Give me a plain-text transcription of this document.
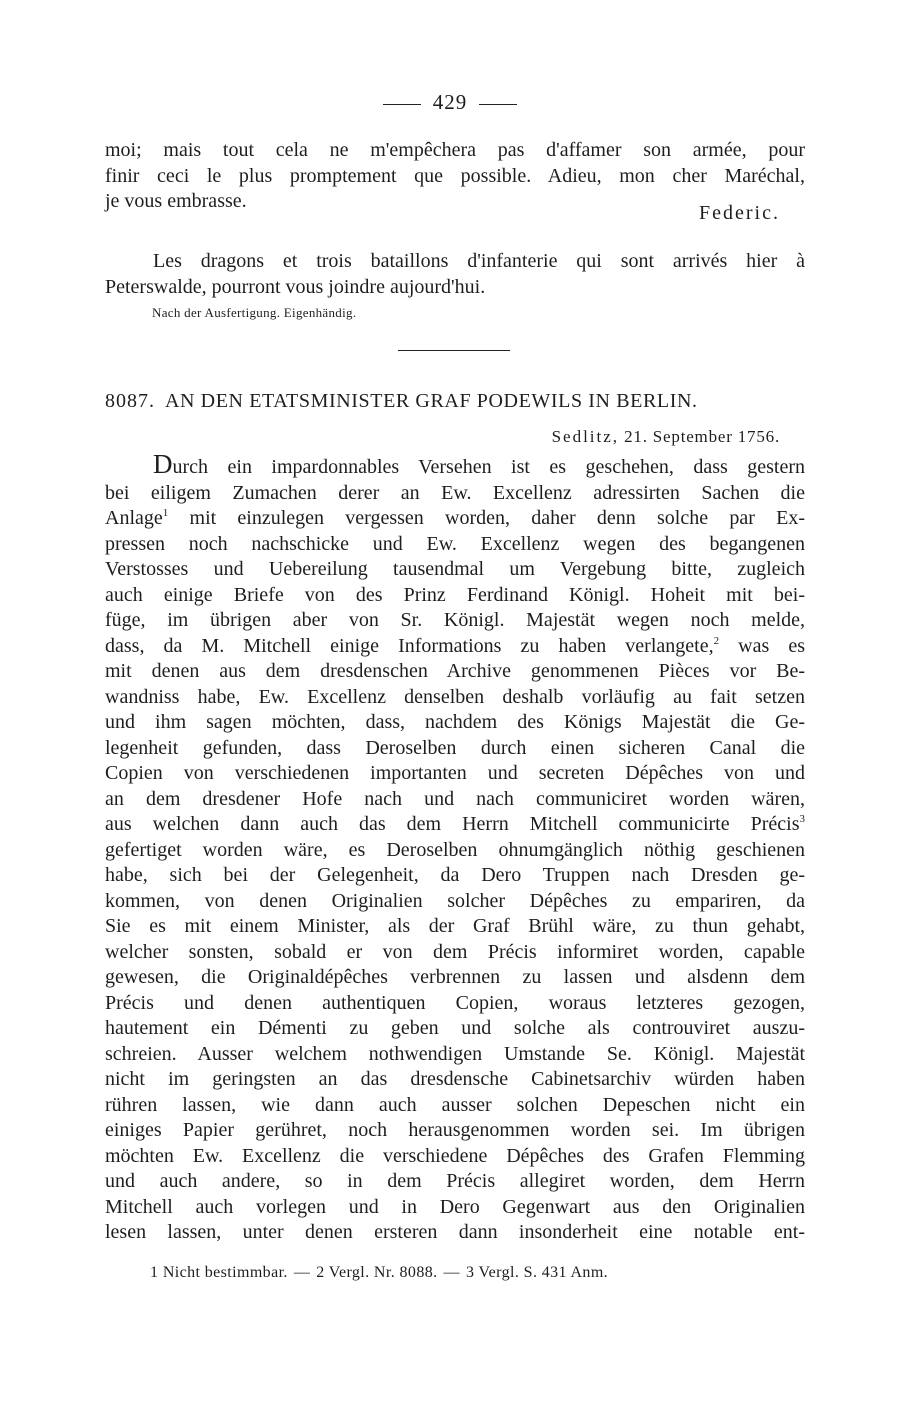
429
moi; mais tout cela ne m'empêchera pas d'affamer son armée, pour
finir ceci le plus promptement que possible. Adieu, mon cher Maréchal,
je vous embrasse.
Federic.
Les dragons et trois bataillons d'infanterie qui sont arrivés hier à
Peterswalde, pourront vous joindre aujourd'hui.
Nach der Ausfertigung. Eigenhändig.
8087. AN DEN ETATSMINISTER GRAF PODEWILS IN BERLIN.
Sedlitz, 21. September 1756.
Durch ein impardonnables Versehen ist es geschehen, dass gestern
bei eiligem Zumachen derer an Ew. Excellenz adressirten Sachen die
Anlage$^1$ mit einzulegen vergessen worden, daher denn solche par Ex-
pressen noch nachschicke und Ew. Excellenz wegen des begangenen
Verstosses und Uebereilung tausendmal um Vergebung bitte, zugleich
auch einige Briefe von des Prinz Ferdinand Königl. Hoheit mit bei-
füge, im übrigen aber von Sr. Königl. Majestät wegen noch melde,
dass, da M. Mitchell einige Informations zu haben verlangete,$^2$ was es
mit denen aus dem dresdenschen Archive genommenen Pièces vor Be-
wandniss habe, Ew. Excellenz denselben deshalb vorläufig au fait setzen
und ihm sagen möchten, dass, nachdem des Königs Majestät die Ge-
legenheit gefunden, dass Deroselben durch einen sicheren Canal die
Copien von verschiedenen importanten und secreten Dépêches von und
an dem dresdener Hofe nach und nach communiciret worden wären,
aus welchen dann auch das dem Herrn Mitchell communicirte Précis$^3$
gefertiget worden wäre, es Deroselben ohnumgänglich nöthig geschienen
habe, sich bei der Gelegenheit, da Dero Truppen nach Dresden ge-
kommen, von denen Originalien solcher Dépêches zu empariren, da
Sie es mit einem Minister, als der Graf Brühl wäre, zu thun gehabt,
welcher sonsten, sobald er von dem Précis informiret worden, capable
gewesen, die Originaldépêches verbrennen zu lassen und alsdenn dem
Précis und denen authentiquen Copien, woraus letzteres gezogen,
hautement ein Démenti zu geben und solche als controuviret auszu-
schreien. Ausser welchem nothwendigen Umstande Se. Königl. Majestät
nicht im geringsten an das dresdensche Cabinetsarchiv würden haben
rühren lassen, wie dann auch ausser solchen Depeschen nicht ein
einiges Papier gerühret, noch herausgenommen worden sei. Im übrigen
möchten Ew. Excellenz die verschiedene Dépêches des Grafen Flemming
und auch andere, so in dem Précis allegiret worden, dem Herrn
Mitchell auch vorlegen und in Dero Gegenwart aus den Originalien
lesen lassen, unter denen ersteren dann insonderheit eine notable ent-
1 Nicht bestimmbar. — 2 Vergl. Nr. 8088. — 3 Vergl. S. 431 Anm.
